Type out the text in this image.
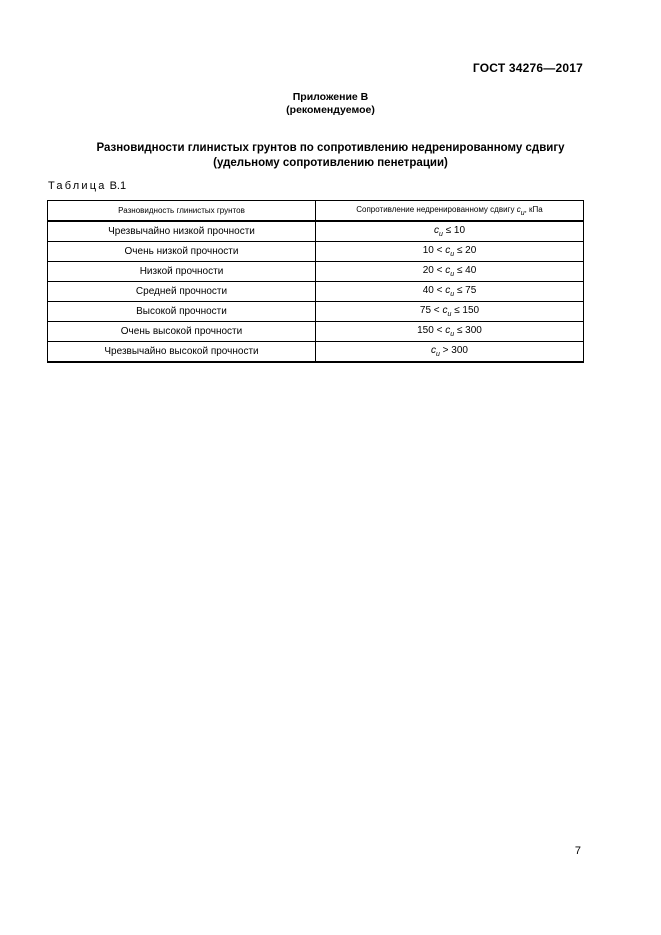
ГОСТ 34276—2017
Приложение В
(рекомендуемое)
Разновидности глинистых грунтов по сопротивлению недренированному сдвигу
(удельному сопротивлению пенетрации)
Таблица В.1
Разновидность глинистых грунтов	Сопротивление недренированному сдвигу cu, кПа
Чрезвычайно низкой прочности	$c_u \le 10$
Очень низкой прочности	$10 < c_u \le 20$
Низкой прочности	$20 < c_u \le 40$
Средней прочности	$40 < c_u \le 75$
Высокой прочности	$75 < c_u \le 150$
Очень высокой прочности	$150 < c_u \le 300$
Чрезвычайно высокой прочности	$c_u > 300$
7
